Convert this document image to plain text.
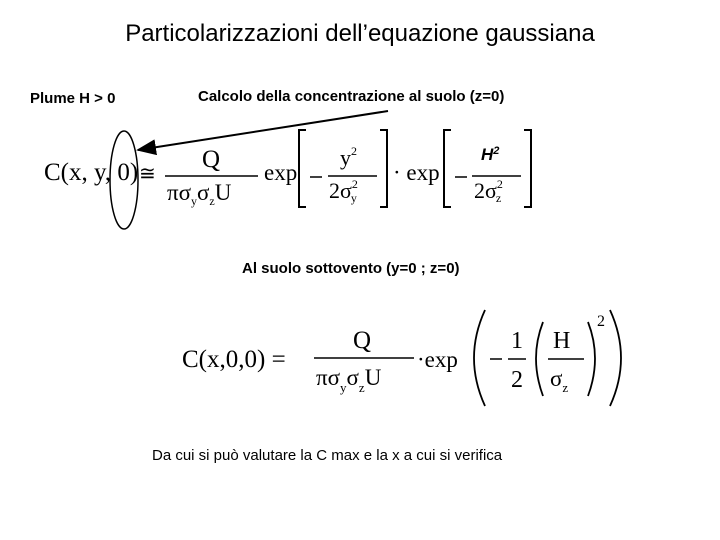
Particolarizzazioni dell’equazione gaussiana
Plume H > 0	Calcolo della concentrazione al suolo (z=0)
Al suolo sottovento (y=0 ; z=0)
Da cui si può valutare la C max e la x a cui si verifica
C(x, y, 0) ≅ Q
$\pi\sigma_y\sigma_zU$
exp
$y^2$
$2\sigma^2$ y
· exp
$2\sigma^2$ z
$H^2$
C(x,0,0) =
Q
$\pi\sigma_y\sigma_zU$
·exp
1
2
H
$\sigma_z$
2
